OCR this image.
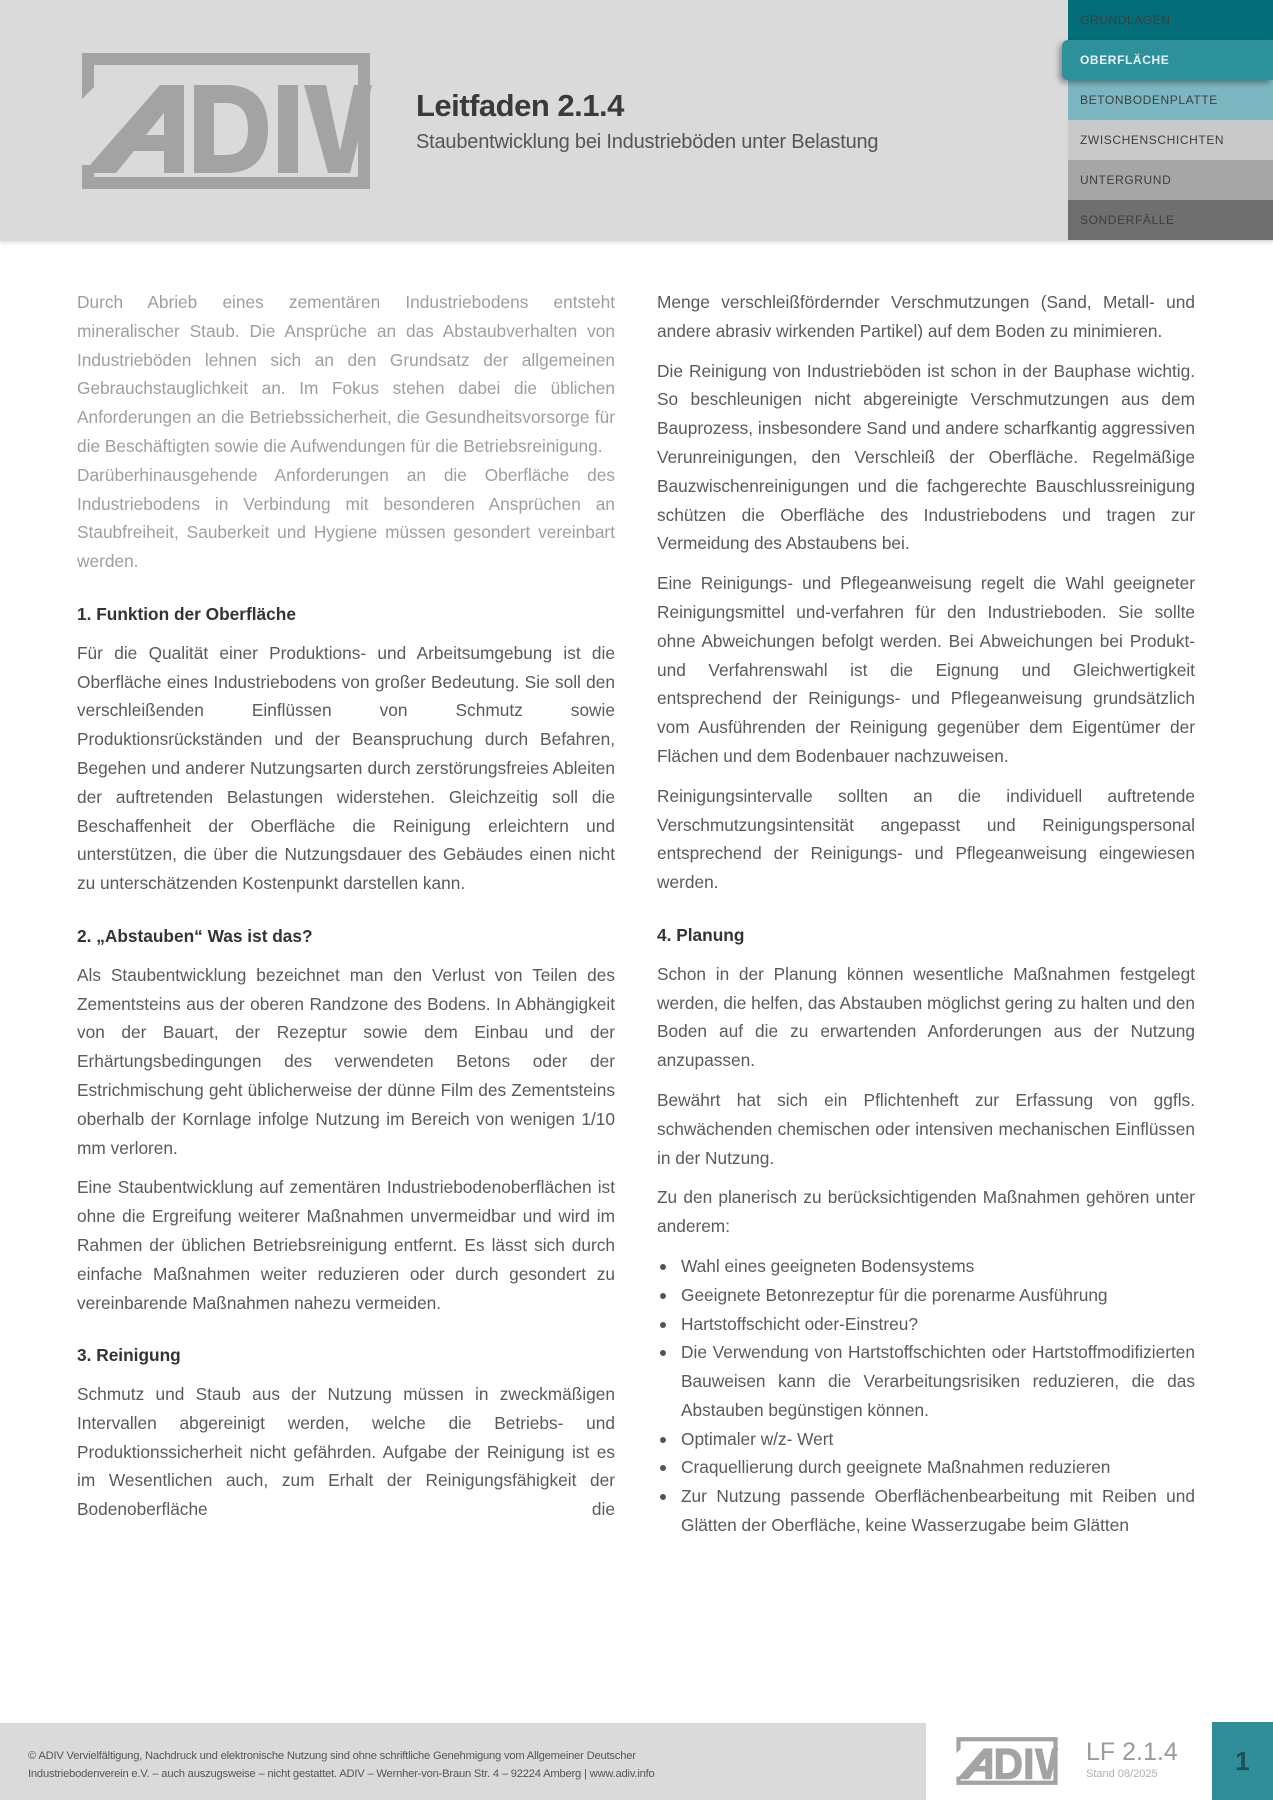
Leitfaden 2.1.4
Staubentwicklung bei Industrieböden unter Belastung
GRUNDLAGEN
OBERFLÄCHE
BETONBODENPLATTE
ZWISCHENSCHICHTEN
UNTERGRUND
SONDERFÄLLE

Durch Abrieb eines zementären Industriebodens entsteht mineralischer Staub. Die Ansprüche an das Abstaubverhalten von Industrieböden lehnen sich an den Grundsatz der allgemeinen Gebrauchstauglichkeit an. Im Fokus stehen dabei die üblichen Anforderungen an die Betriebssicherheit, die Gesundheitsvorsorge für die Beschäftigten sowie die Aufwendungen für die Betriebsreinigung.

Darüberhinausgehende Anforderungen an die Oberfläche des Industriebodens in Verbindung mit besonderen Ansprüchen an Staubfreiheit, Sauberkeit und Hygiene müssen gesondert vereinbart werden.

1. Funktion der Oberfläche

Für die Qualität einer Produktions- und Arbeitsumgebung ist die Oberfläche eines Industriebodens von großer Bedeutung. Sie soll den verschleißenden Einflüssen von Schmutz sowie Produktionsrückständen und der Beanspruchung durch Befahren, Begehen und anderer Nutzungsarten durch zerstörungsfreies Ableiten der auftretenden Belastungen widerstehen. Gleichzeitig soll die Beschaffenheit der Oberfläche die Reinigung erleichtern und unterstützen, die über die Nutzungsdauer des Gebäudes einen nicht zu unterschätzenden Kostenpunkt darstellen kann.

2. „Abstauben“ Was ist das?

Als Staubentwicklung bezeichnet man den Verlust von Teilen des Zementsteins aus der oberen Randzone des Bodens. In Abhängigkeit von der Bauart, der Rezeptur sowie dem Einbau und der Erhärtungsbedingungen des verwendeten Betons oder der Estrichmischung geht üblicherweise der dünne Film des Zementsteins oberhalb der Kornlage infolge Nutzung im Bereich von wenigen 1/10 mm verloren.

Eine Staubentwicklung auf zementären Industriebodenoberflächen ist ohne die Ergreifung weiterer Maßnahmen unvermeidbar und wird im Rahmen der üblichen Betriebsreinigung entfernt. Es lässt sich durch einfache Maßnahmen weiter reduzieren oder durch gesondert zu vereinbarende Maßnahmen nahezu vermeiden.

3. Reinigung

Schmutz und Staub aus der Nutzung müssen in zweckmäßigen Intervallen abgereinigt werden, welche die Betriebs- und Produktionssicherheit nicht gefährden. Aufgabe der Reinigung ist es im Wesentlichen auch, zum Erhalt der Reinigungsfähigkeit der Bodenoberfläche die

Menge verschleißfördernder Verschmutzungen (Sand, Metall- und andere abrasiv wirkenden Partikel) auf dem Boden zu minimieren.

Die Reinigung von Industrieböden ist schon in der Bauphase wichtig. So beschleunigen nicht abgereinigte Verschmutzungen aus dem Bauprozess, insbesondere Sand und andere scharfkantig aggressiven Verunreinigungen, den Verschleiß der Oberfläche. Regelmäßige Bauzwischenreinigungen und die fachgerechte Bauschlussreinigung schützen die Oberfläche des Industriebodens und tragen zur Vermeidung des Abstaubens bei.

Eine Reinigungs- und Pflegeanweisung regelt die Wahl geeigneter Reinigungsmittel und-verfahren für den Industrieboden. Sie sollte ohne Abweichungen befolgt werden. Bei Abweichungen bei Produkt- und Verfahrenswahl ist die Eignung und Gleichwertigkeit entsprechend der Reinigungs- und Pflegeanweisung grundsätzlich vom Ausführenden der Reinigung gegenüber dem Eigentümer der Flächen und dem Bodenbauer nachzuweisen.

Reinigungsintervalle sollten an die individuell auftretende Verschmutzungsintensität angepasst und Reinigungspersonal entsprechend der Reinigungs- und Pflegeanweisung eingewiesen werden.

4. Planung

Schon in der Planung können wesentliche Maßnahmen festgelegt werden, die helfen, das Abstauben möglichst gering zu halten und den Boden auf die zu erwartenden Anforderungen aus der Nutzung anzupassen.

Bewährt hat sich ein Pflichtenheft zur Erfassung von ggfls. schwächenden chemischen oder intensiven mechanischen Einflüssen in der Nutzung.

Zu den planerisch zu berücksichtigenden Maßnahmen gehören unter anderem:

Wahl eines geeigneten Bodensystems
Geeignete Betonrezeptur für die porenarme Ausführung
Hartstoffschicht oder-Einstreu?
Die Verwendung von Hartstoffschichten oder Hartstoffmodifizierten Bauweisen kann die Verarbeitungsrisiken reduzieren, die das Abstauben begünstigen können.
Optimaler w/z- Wert
Craquellierung durch geeignete Maßnahmen reduzieren
Zur Nutzung passende Oberflächenbearbeitung mit Reiben und Glätten der Oberfläche, keine Wasserzugabe beim Glätten
© ADIV Vervielfältigung, Nachdruck und elektronische Nutzung sind ohne schriftliche Genehmigung vom Allgemeiner Deutscher
Industriebodenverein e.V. – auch auszugsweise – nicht gestattet. ADIV – Wernher-von-Braun Str. 4 – 92224 Amberg | www.adiv.info
LF 2.1.4
Stand 08/2025	1
